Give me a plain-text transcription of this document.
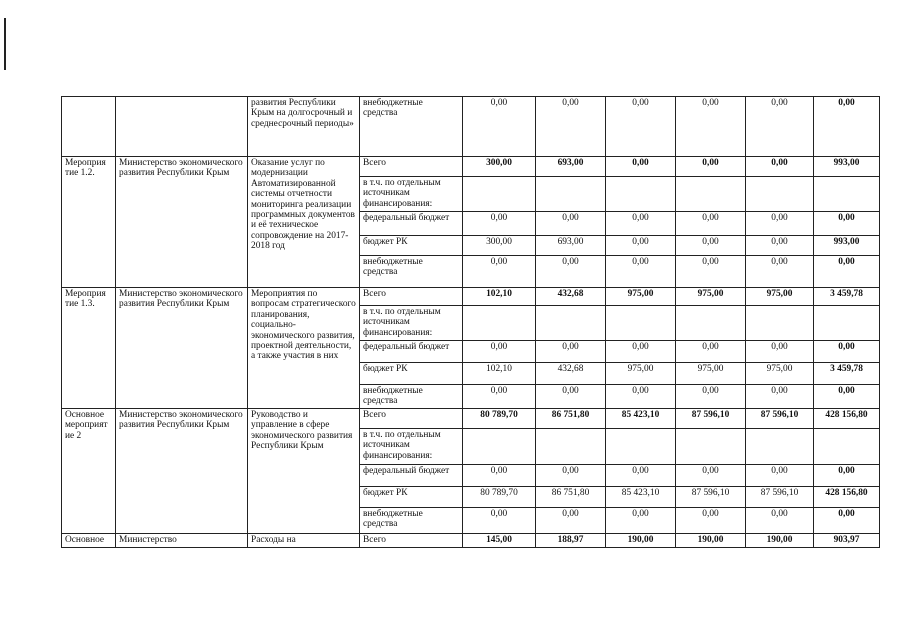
		развития Республики Крым на долгосрочный и среднесрочный периоды»	внебюджетные средства	0,00	0,00	0,00	0,00	0,00	0,00
Мероприя тие 1.2.	Министерство экономического развития Республики Крым	Оказание услуг по модернизации Автоматизированной системы отчетности мониторинга реализации программных документов и её техническое сопровождение на 2017-2018 год	Всего	300,00	693,00	0,00	0,00	0,00	993,00
			в т.ч. по отдельным источникам финансирования:						
			федеральный бюджет	0,00	0,00	0,00	0,00	0,00	0,00
			бюджет РК	300,00	693,00	0,00	0,00	0,00	993,00
			внебюджетные средства	0,00	0,00	0,00	0,00	0,00	0,00
Мероприя тие 1.3.	Министерство экономического развития Республики Крым	Мероприятия по вопросам стратегического планирования, социально-экономического развития, проектной деятельности, а также участия в них	Всего	102,10	432,68	975,00	975,00	975,00	3 459,78
			в т.ч. по отдельным источникам финансирования:						
			федеральный бюджет	0,00	0,00	0,00	0,00	0,00	0,00
			бюджет РК	102,10	432,68	975,00	975,00	975,00	3 459,78
			внебюджетные средства	0,00	0,00	0,00	0,00	0,00	0,00
Основное мероприят ие 2	Министерство экономического развития Республики Крым	Руководство и управление в сфере экономического развития Республики Крым	Всего	80 789,70	86 751,80	85 423,10	87 596,10	87 596,10	428 156,80
			в т.ч. по отдельным источникам финансирования:						
			федеральный бюджет	0,00	0,00	0,00	0,00	0,00	0,00
			бюджет РК	80 789,70	86 751,80	85 423,10	87 596,10	87 596,10	428 156,80
			внебюджетные средства	0,00	0,00	0,00	0,00	0,00	0,00
Основное	Министерство	Расходы на	Всего	145,00	188,97	190,00	190,00	190,00	903,97
